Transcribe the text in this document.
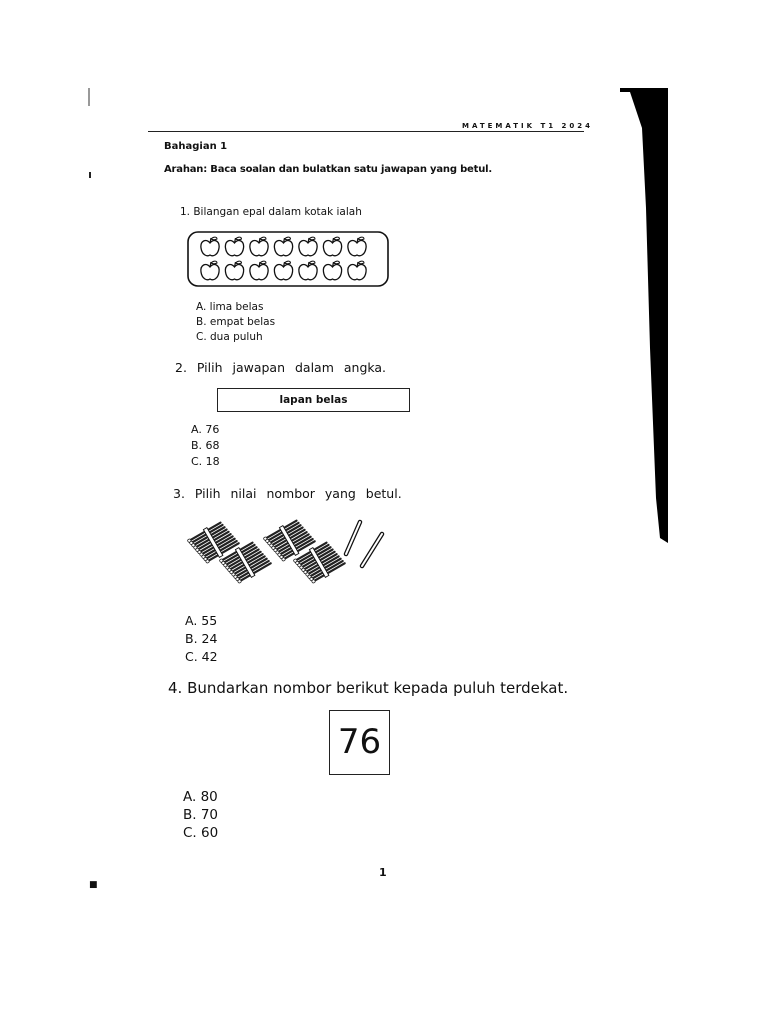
■
MATEMATIK T1 2024
Bahagian 1
Arahan: Baca soalan dan bulatkan satu jawapan yang betul.
1. Bilangan epal dalam kotak ialah
A. lima belas
B. empat belas
C. dua puluh
2. Pilih jawapan dalam angka.
lapan belas
A. 76
B. 68
C. 18
3. Pilih nilai nombor yang betul.
A. 55
B. 24
C. 42
4. Bundarkan nombor berikut kepada puluh terdekat.
76
A. 80
B. 70
C. 60
1
